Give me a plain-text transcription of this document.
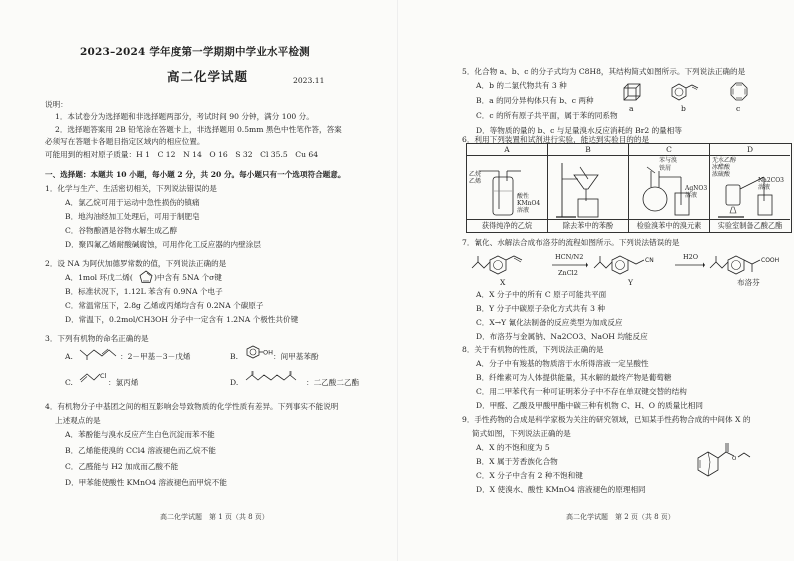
2023–2024 学年度第一学期期中学业水平检测
高二化学试题	2023.11
说明：
1．本试卷分为选择题和非选择题两部分，考试时间 90 分钟，满分 100 分。
2．选择题答案用 2B 铅笔涂在答题卡上，非选择题用 0.5mm 黑色中性笔作答，答案
必须写在答题卡各题目指定区域内的相应位置。
可能用到的相对原子质量：H 1　C 12　N 14　O 16　S 32　Cl 35.5　Cu 64
一、选择题：本题共 10 小题，每小题 2 分，共 20 分。每小题只有一个选项符合题意。
1．化学与生产、生活密切相关，下列说法错误的是
A．氯乙烷可用于运动中急性损伤的镇痛
B．地沟油经加工处理后，可用于制肥皂
C．谷物酿酒是谷物水解生成乙醇
D．聚四氟乙烯耐酸碱腐蚀，可用作化工反应器的内壁涂层
2．设 NA 为阿伏加德罗常数的值，下列说法正确的是
A．1mol 环戊二烯(	)中含有 5NA 个σ键
B．标准状况下，1.12L 苯含有 0.9NA 个电子
C．常温常压下，2.8g 乙烯或丙烯均含有 0.2NA 个碳原子
D．常温下，0.2mol/CH3OH 分子中一定含有 1.2NA 个极性共价键
3．下列有机物的命名正确的是
A.	：2－甲基－3－戊烯	B.	OH ：间甲基苯酚
C.
Cl
：氯丙烯	D.	：二乙酸二乙酯
4．有机物分子中基团之间的相互影响会导致物质的化学性质有差异。下列事实不能说明
上述观点的是
A．苯酚能与溴水反应产生白色沉淀而苯不能
B．乙烯能使溴的 CCl4 溶液褪色而乙烷不能
C．乙醛能与 H2 加成而乙酸不能
D．甲苯能使酸性 KMnO4 溶液褪色而甲烷不能
高二化学试题　第 1 页（共 8 页）
5．化合物 a、b、c 的分子式均为 C8H8，其结构简式如图所示。下列说法正确的是
A．b 的二氯代物共有 3 种
B．a 的同分异构体只有 b、c 两种
C．c 的所有原子共平面，属于苯的同系物
D．等物质的量的 b、c 与足量溴水反应消耗的 Br2 的量相等
a	b	c
6．利用下列装置和试剂进行实验，能达到实验目的的是
A	B	C	D
乙烷
乙烯
酸性
KMnO4
溶液
苯与溴
铁屑
AgNO3
溶液
无水乙醇
冰醋酸
浓硫酸
Na2CO3
溶液
获得纯净的乙烷	除去苯中的苯酚	检验溴苯中的溴元素	实验室制备乙酸乙酯
7．氰化、水解法合成布洛芬的流程如图所示。下列说法错误的是
X
HCN/N2
ZnCl2
CN
Y
H2O	COOH
布洛芬
A．X 分子中的所有 C 原子可能共平面
B．Y 分子中碳原子杂化方式共有 3 种
C．X→Y 氰化法制备的反应类型为加成反应
D．布洛芬与金属钠、Na2CO3、NaOH 均能反应
8．关于有机物的性质，下列说法正确的是
A．分子中有羧基的物质溶于水所得溶液一定呈酸性
B．纤维素可为人体提供能量，其水解的最终产物是葡萄糖
C．用二甲苯代有一种可证明苯分子中不存在单双键交替的结构
D．甲醛、乙酸及甲酸甲酯中碳三种有机物 C、H、O 的质量比相同
9．手性药物的合成是科学家极为关注的研究领域，已知某手性药物合成的中间体 X 的
简式如图，下列说法正确的是
A．X 的不饱和度为 5
B．X 属于芳香族化合物
C．X 分子中含有 2 种不饱和键
D．X 使溴水、酸性 KMnO4 溶液褪色的原理相同
O
高二化学试题　第 2 页（共 8 页）
